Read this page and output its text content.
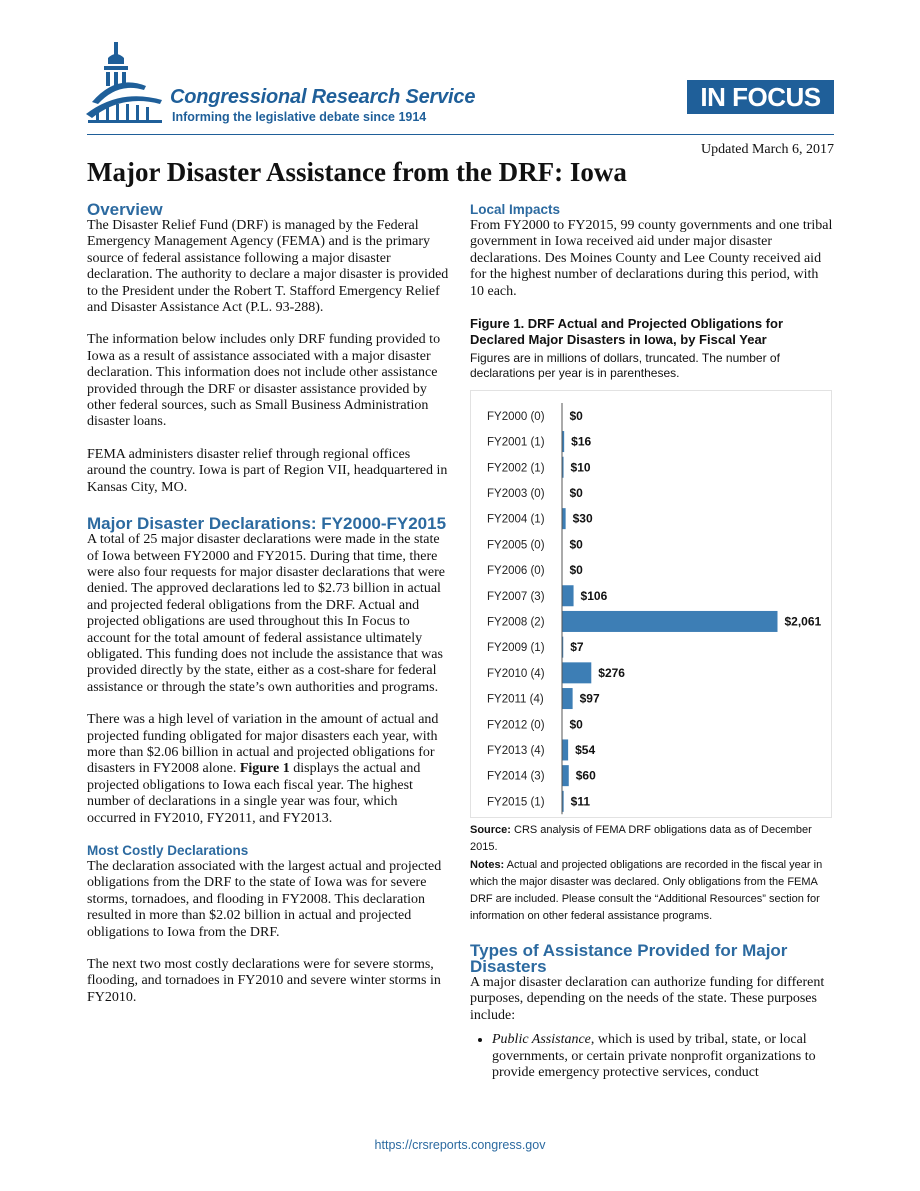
Congressional Research Service
Informing the legislative debate since 1914
IN FOCUS
Updated March 6, 2017
Major Disaster Assistance from the DRF: Iowa
Overview

The Disaster Relief Fund (DRF) is managed by the Federal Emergency Management Agency (FEMA) and is the primary source of federal assistance following a major disaster declaration. The authority to declare a major disaster is provided to the President under the Robert T. Stafford Emergency Relief and Disaster Assistance Act (P.L. 93-288).

The information below includes only DRF funding provided to Iowa as a result of assistance associated with a major disaster declaration. This information does not include other assistance provided through the DRF or disaster assistance provided by other federal sources, such as Small Business Administration disaster loans.

FEMA administers disaster relief through regional offices around the country. Iowa is part of Region VII, headquartered in Kansas City, MO.

Major Disaster Declarations: FY2000-FY2015

A total of 25 major disaster declarations were made in the state of Iowa between FY2000 and FY2015. During that time, there were also four requests for major disaster declarations that were denied. The approved declarations led to $2.73 billion in actual and projected federal obligations from the DRF. Actual and projected obligations are used throughout this In Focus to account for the total amount of federal assistance ultimately obligated. This funding does not include the assistance that was provided directly by the state, either as a cost-share for federal assistance or through the state’s own authorities and programs.

There was a high level of variation in the amount of actual and projected funding obligated for major disasters each year, with more than $2.06 billion in actual and projected obligations for disasters in FY2008 alone. Figure 1 displays the actual and projected obligations to Iowa each fiscal year. The highest number of declarations in a single year was four, which occurred in FY2010, FY2011, and FY2013.

Most Costly Declarations

The declaration associated with the largest actual and projected obligations from the DRF to the state of Iowa was for severe storms, tornadoes, and flooding in FY2008. This declaration resulted in more than $2.02 billion in actual and projected obligations to Iowa from the DRF.

The next two most costly declarations were for severe storms, flooding, and tornadoes in FY2010 and severe winter storms in FY2010.

Local Impacts

From FY2000 to FY2015, 99 county governments and one tribal government in Iowa received aid under major disaster declarations. Des Moines County and Lee County received aid for the highest number of declarations during this period, with 10 each.

Figure 1. DRF Actual and Projected Obligations for Declared Major Disasters in Iowa, by Fiscal Year
Figures are in millions of dollars, truncated. The number of declarations per year is in parentheses.
FY2000 (0) $0
FY2001 (1) $16
FY2002 (1) $10
FY2003 (0) $0
FY2004 (1) $30
FY2005 (0) $0
FY2006 (0) $0
FY2007 (3)	$106
FY2008 (2)	$2,061
FY2009 (1) $7
FY2010 (4)	$276
FY2011 (4)	$97
FY2012 (0) $0
FY2013 (4)	$54
FY2014 (3)	$60
FY2015 (1) $11
Source: CRS analysis of FEMA DRF obligations data as of December 2015.
Notes: Actual and projected obligations are recorded in the fiscal year in which the major disaster was declared. Only obligations from the FEMA DRF are included. Please consult the “Additional Resources” section for information on other federal assistance programs.
Types of Assistance Provided for Major Disasters

A major disaster declaration can authorize funding for different purposes, depending on the needs of the state. These purposes include:

• Public Assistance, which is used by tribal, state, or local governments, or certain private nonprofit organizations to provide emergency protective services, conduct
https://crsreports.congress.gov
